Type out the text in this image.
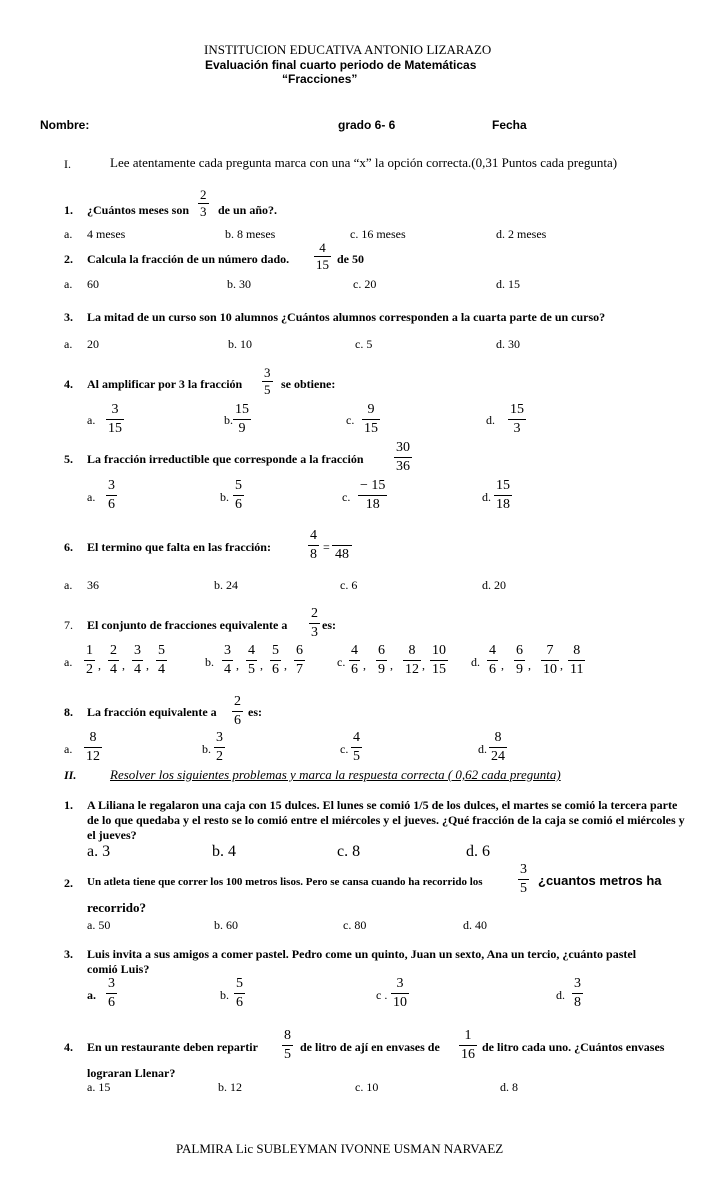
INSTITUCION EDUCATIVA ANTONIO LIZARAZO
Evaluación final cuarto periodo de Matemáticas
“Fracciones”
Nombre:	grado 6- 6	Fecha
I.	Lee atentamente cada pregunta marca con una “x” la opción correcta.(0,31 Puntos cada pregunta)
1. ¿Cuántos meses son
2
3 de un año?.
a. 4 meses	b. 8 meses	c. 16 meses	d. 2 meses
2. Calcula la fracción de un número dado.
4
15 de 50
a. 60	b. 30	c. 20	d. 15
3. La mitad de un curso son 10 alumnos ¿Cuántos alumnos corresponden a la cuarta parte de un curso?
a. 20	b. 10	c. 5	d. 30
4. Al amplificar por 3 la fracción
3
5 se obtiene:
a.
3
15
b.
15
9
c.
9
15
d.
15
3
5. La fracción irreductible que corresponde a la fracción
30
36
a.
3
6	b.
5
6	c.
− 15
18	d.
15
18
6. El termino que falta en las fracción:
4
8 =
48
a. 36	b. 24	c. 6	d. 20
7. El conjunto de fracciones equivalente a
2
3 es:
a.
1
2 ,
2
4 ,
3
4 ,
5
4	b.
3
4 ,
4
5 ,
5
6 ,
6
7	c.
4
6 ,
6
9 ,
8
12 ,
10
15 d.
4
6 ,
6
9 ,
7
10 ,
8
11
8. La fracción equivalente a
2
6
es:
a.
8
12	b.
3
2	c.
4
5	d.
8
24
II.	Resolver los siguientes problemas y marca la respuesta correcta ( 0,62 cada pregunta)
1. A Liliana le regalaron una caja con 15 dulces. El lunes se comió 1/5 de los dulces, el martes se comió la tercera parte de lo que quedaba y el resto se lo comió entre el miércoles y el jueves. ¿Qué fracción de la caja se comió el miércoles y el jueves?
a. 3	b. 4	c. 8	d. 6
2. Un atleta tiene que correr los 100 metros lisos. Pero se cansa cuando ha recorrido los
3
5
¿cuantos metros ha
recorrido?
a. 50	b. 60	c. 80	d. 40
3. Luis invita a sus amigos a comer pastel. Pedro come un quinto, Juan un sexto, Ana un tercio, ¿cuánto pastel comió Luis?
a.
3
6	b.
5
6	c .
3
10	d.
3
8
4. En un restaurante deben repartir
8
5 de litro de ají en envases de
1
16 de litro cada uno. ¿Cuántos envases
lograran Llenar?
a. 15	b. 12	c. 10	d. 8
PALMIRA Lic SUBLEYMAN IVONNE USMAN NARVAEZ
